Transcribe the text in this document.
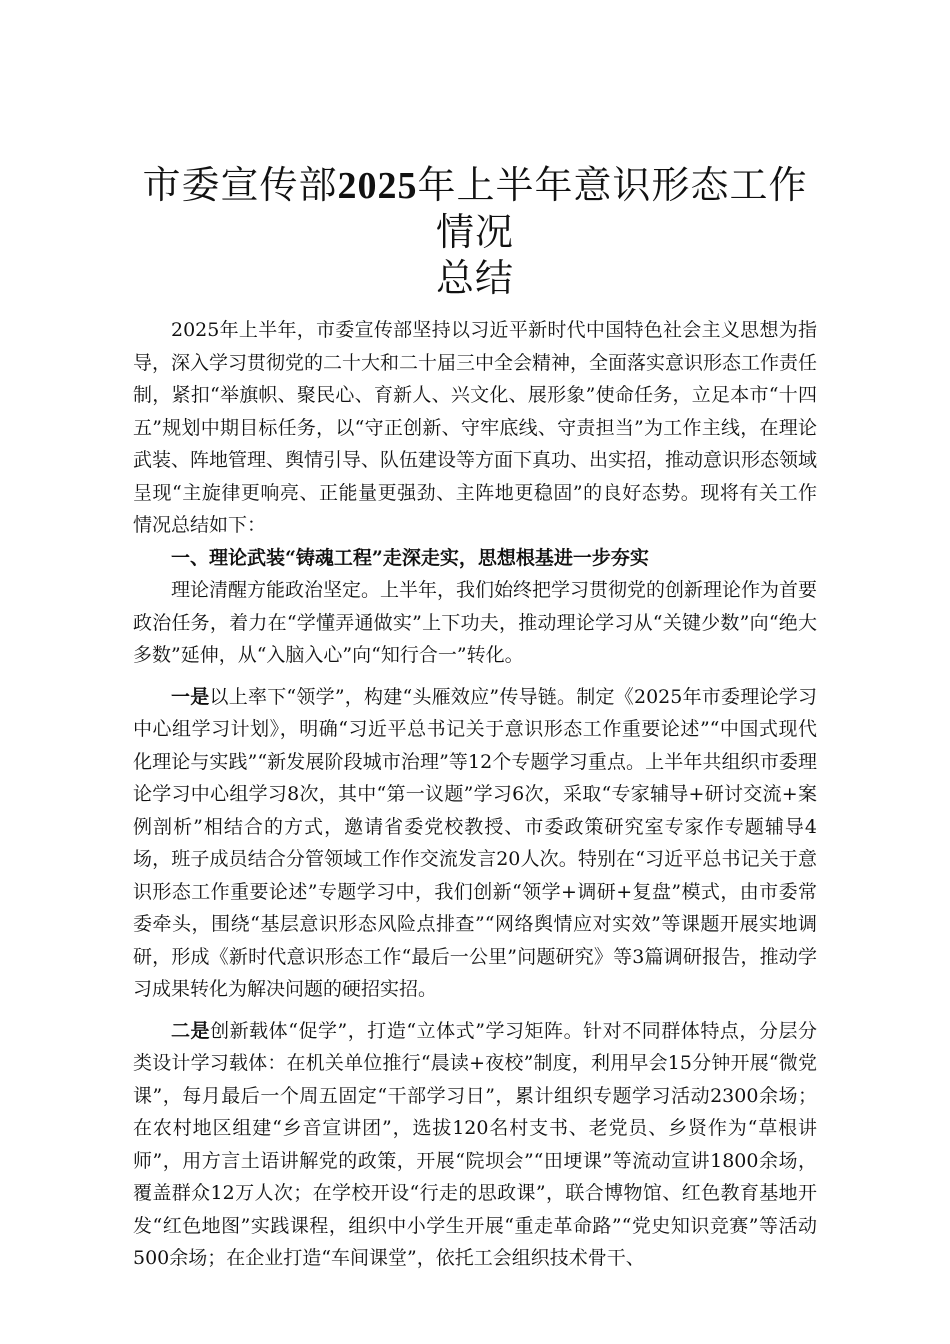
市委宣传部2025年上半年意识形态工作情况
总结

2025年上半年，市委宣传部坚持以习近平新时代中国特色社会主义思想为指导，深入学习贯彻党的二十大和二十届三中全会精神，全面落实意识形态工作责任制，紧扣“举旗帜、聚民心、育新人、兴文化、展形象”使命任务，立足本市“十四五”规划中期目标任务，以“守正创新、守牢底线、守责担当”为工作主线，在理论武装、阵地管理、舆情引导、队伍建设等方面下真功、出实招，推动意识形态领域呈现“主旋律更响亮、正能量更强劲、主阵地更稳固”的良好态势。现将有关工作情况总结如下：

一、理论武装“铸魂工程”走深走实，思想根基进一步夯实

理论清醒方能政治坚定。上半年，我们始终把学习贯彻党的创新理论作为首要政治任务，着力在“学懂弄通做实”上下功夫，推动理论学习从“关键少数”向“绝大多数”延伸，从“入脑入心”向“知行合一”转化。

一是以上率下“领学”，构建“头雁效应”传导链。制定《2025年市委理论学习中心组学习计划》，明确“习近平总书记关于意识形态工作重要论述”“中国式现代化理论与实践”“新发展阶段城市治理”等12个专题学习重点。上半年共组织市委理论学习中心组学习8次，其中“第一议题”学习6次，采取“专家辅导+研讨交流+案例剖析”相结合的方式，邀请省委党校教授、市委政策研究室专家作专题辅导4场，班子成员结合分管领域工作作交流发言20人次。特别在“习近平总书记关于意识形态工作重要论述”专题学习中，我们创新“领学+调研+复盘”模式，由市委常委牵头，围绕“基层意识形态风险点排查”“网络舆情应对实效”等课题开展实地调研，形成《新时代意识形态工作“最后一公里”问题研究》等3篇调研报告，推动学习成果转化为解决问题的硬招实招。

二是创新载体“促学”，打造“立体式”学习矩阵。针对不同群体特点，分层分类设计学习载体：在机关单位推行“晨读+夜校”制度，利用早会15分钟开展“微党课”，每月最后一个周五固定“干部学习日”，累计组织专题学习活动2300余场；在农村地区组建“乡音宣讲团”，选拔120名村支书、老党员、乡贤作为“草根讲师”，用方言土语讲解党的政策，开展“院坝会”“田埂课”等流动宣讲1800余场，覆盖群众12万人次；在学校开设“行走的思政课”，联合博物馆、红色教育基地开发“红色地图”实践课程，组织中小学生开展“重走革命路”“党史知识竞赛”等活动500余场；在企业打造“车间课堂”，依托工会组织技术骨干、
